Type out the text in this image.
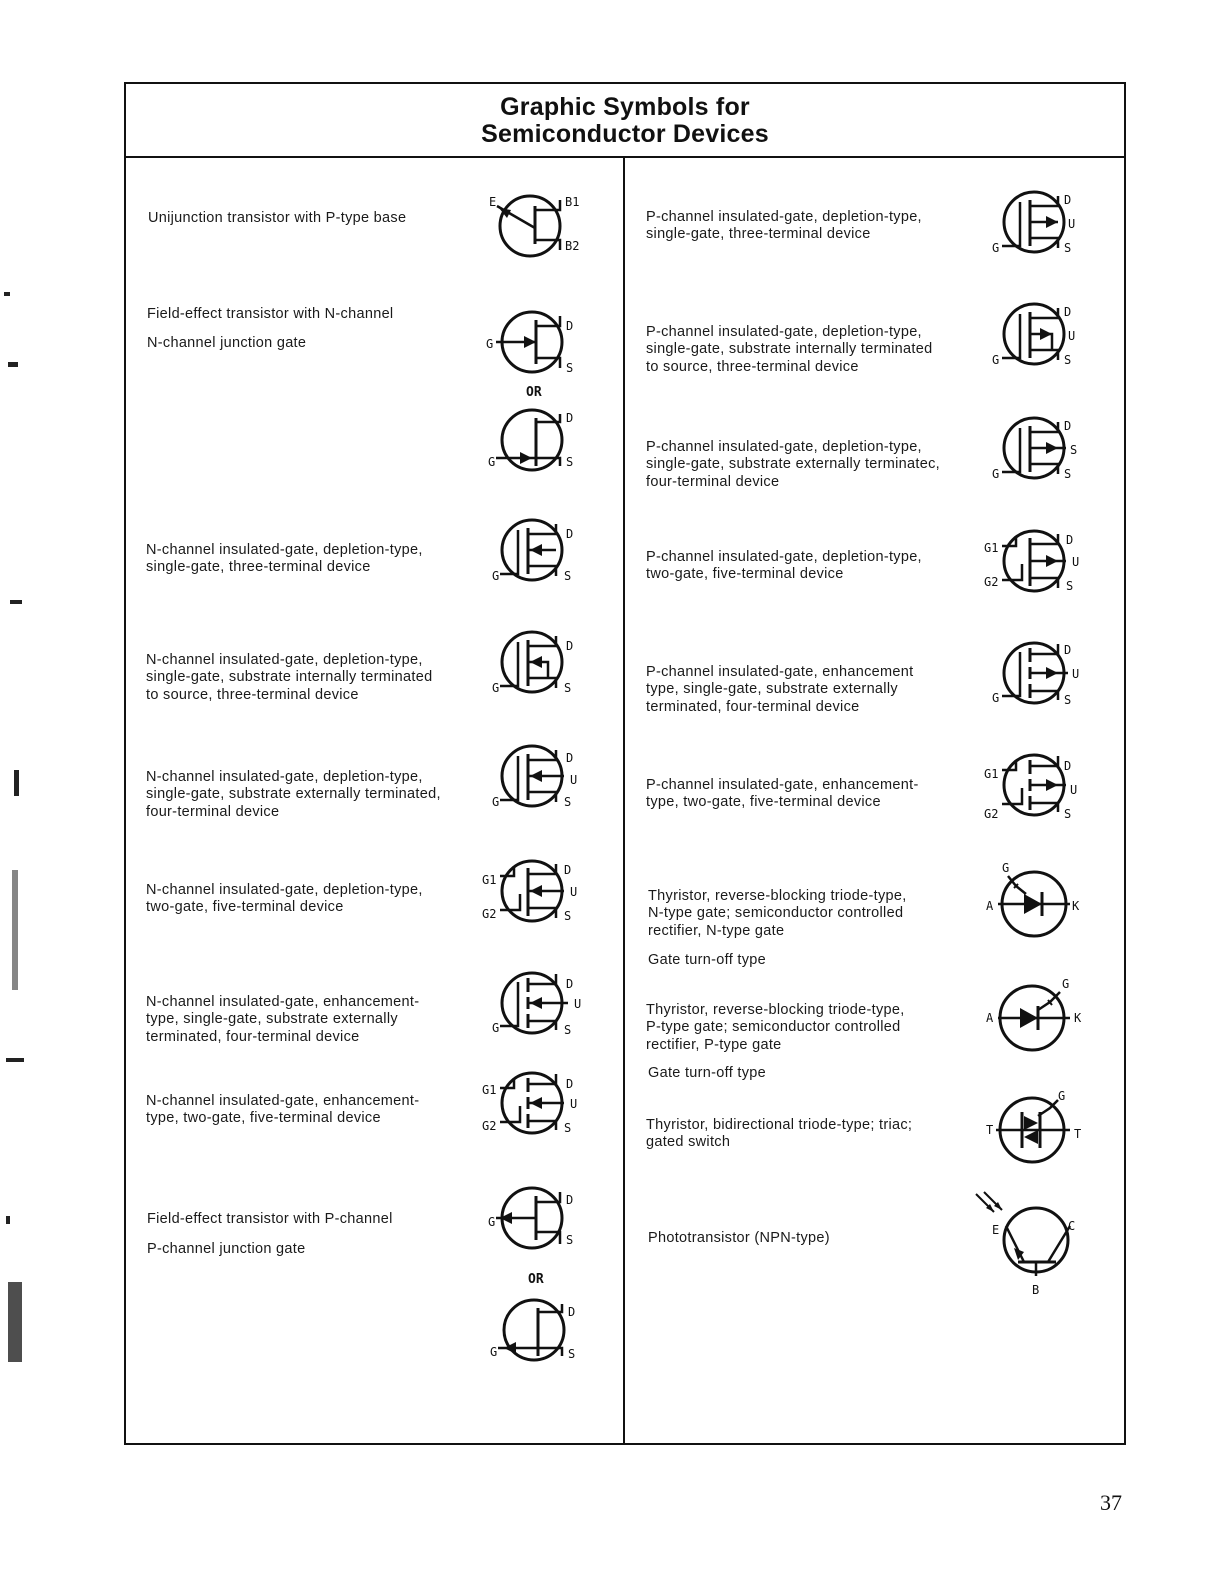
Graphic Symbols for
Semiconductor Devices
Unijunction transistor with P-type base
Field-effect transistor with N-channel
N-channel junction gate
N-channel insulated-gate, depletion-type,
single-gate, three-terminal device
N-channel insulated-gate, depletion-type,
single-gate, substrate internally terminated
to source, three-terminal device
N-channel insulated-gate, depletion-type,
single-gate, substrate externally terminated,
four-terminal device
N-channel insulated-gate, depletion-type,
two-gate, five-terminal device
N-channel insulated-gate, enhancement-
type, single-gate, substrate externally
terminated, four-terminal device
N-channel insulated-gate, enhancement-
type, two-gate, five-terminal device
Field-effect transistor with P-channel
P-channel junction gate
P-channel insulated-gate, depletion-type,
single-gate, three-terminal device
P-channel insulated-gate, depletion-type,
single-gate, substrate internally terminated
to source, three-terminal device
P-channel insulated-gate, depletion-type,
single-gate, substrate externally terminatec,
four-terminal device
P-channel insulated-gate, depletion-type,
two-gate, five-terminal device
P-channel insulated-gate, enhancement
type, single-gate, substrate externally
terminated, four-terminal device
P-channel insulated-gate, enhancement-
type, two-gate, five-terminal device
Thyristor, reverse-blocking triode-type,
N-type gate; semiconductor controlled
rectifier, N-type gate
Gate turn-off type
Thyristor, reverse-blocking triode-type,
P-type gate; semiconductor controlled
rectifier, P-type gate
Gate turn-off type
Thyristor, bidirectional triode-type; triac;
gated switch
Phototransistor (NPN-type)
E	B1
B2
G
D
S
OR
G
D
S
G
D
S
G
D
S
G
D
U
S
G1
G2
D
U
S
G
D
U
S
G1
G2
D
U
S
G
D
S
OR
G
D
S
G
D
U
S
G
D
U
S
G
D
S
S
G1
G2
D
U
S
G
D
U
S
G1
G2
D
U
S
G
A	K
G
A	K
G
T	T
E	C
B
37
